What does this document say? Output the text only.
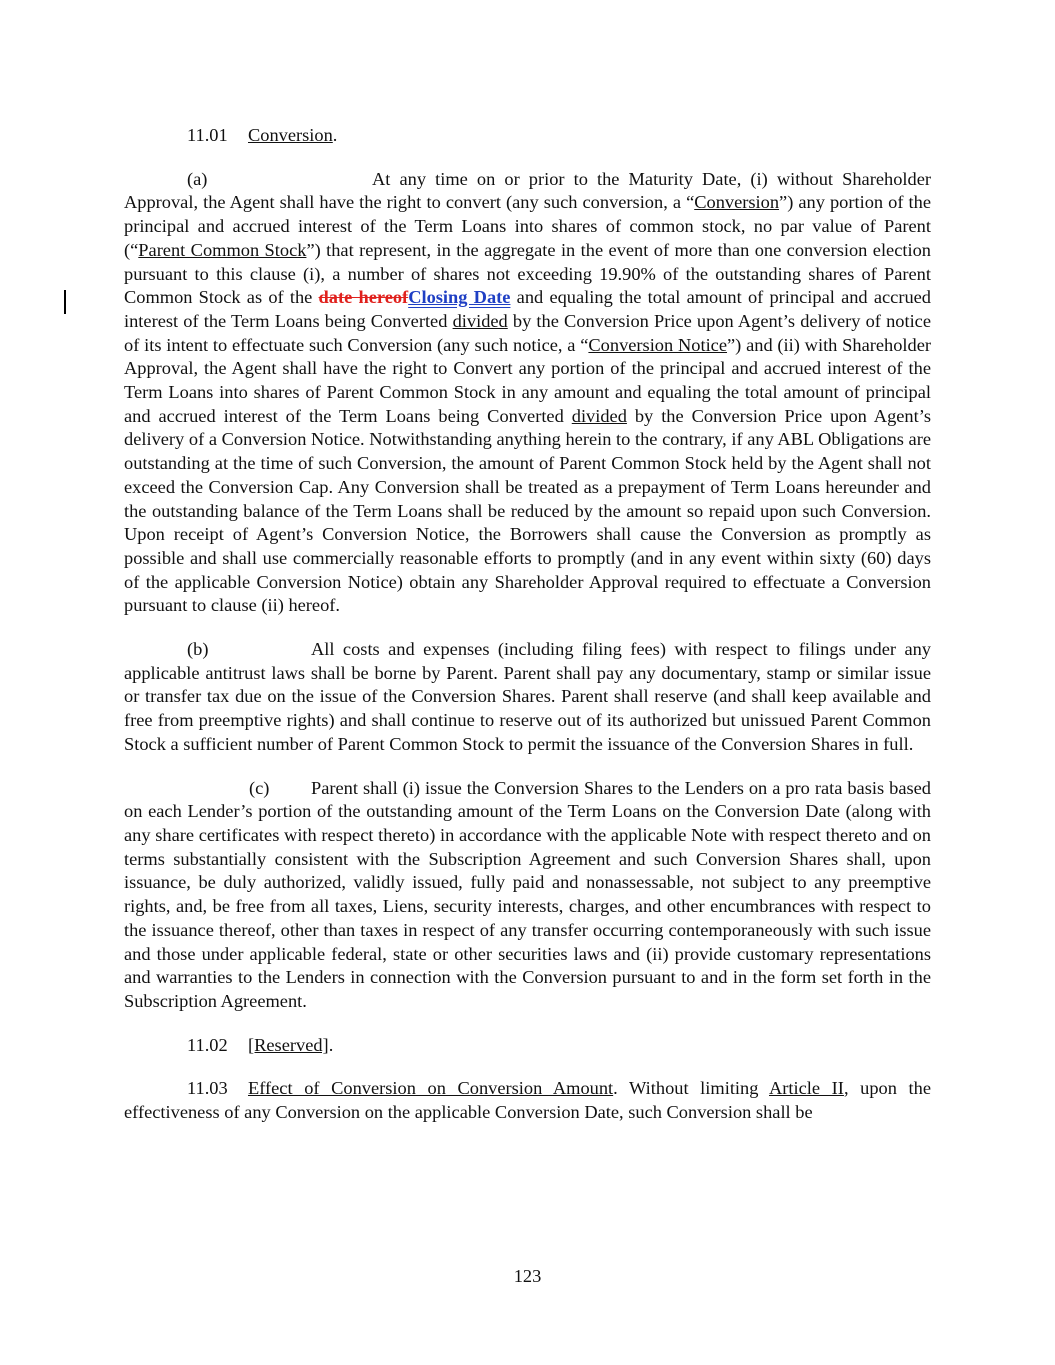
11.01 Conversion.

(a)	At any time on or prior to the Maturity Date, (i) without Shareholder Approval, the Agent shall have the right to convert (any such conversion, a “Conversion”) any portion of the principal and accrued interest of the Term Loans into shares of common stock, no par value of Parent (“Parent Common Stock”) that represent, in the aggregate in the event of more than one conversion election pursuant to this clause (i), a number of shares not exceeding 19.90% of the outstanding shares of Parent Common Stock as of the date hereofClosing Date and equaling the total amount of principal and accrued interest of the Term Loans being Converted divided by the Conversion Price upon Agent’s delivery of notice of its intent to effectuate such Conversion (any such notice, a “Conversion Notice”) and (ii) with Shareholder Approval, the Agent shall have the right to Convert any portion of the principal and accrued interest of the Term Loans into shares of Parent Common Stock in any amount and equaling the total amount of principal and accrued interest of the Term Loans being Converted divided by the Conversion Price upon Agent’s delivery of a Conversion Notice. Notwithstanding anything herein to the contrary, if any ABL Obligations are outstanding at the time of such Conversion, the amount of Parent Common Stock held by the Agent shall not exceed the Conversion Cap. Any Conversion shall be treated as a prepayment of Term Loans hereunder and the outstanding balance of the Term Loans shall be reduced by the amount so repaid upon such Conversion. Upon receipt of Agent’s Conversion Notice, the Borrowers shall cause the Conversion as promptly as possible and shall use commercially reasonable efforts to promptly (and in any event within sixty (60) days of the applicable Conversion Notice) obtain any Shareholder Approval required to effectuate a Conversion pursuant to clause (ii) hereof.

(b)	All costs and expenses (including filing fees) with respect to filings under any applicable antitrust laws shall be borne by Parent. Parent shall pay any documentary, stamp or similar issue or transfer tax due on the issue of the Conversion Shares. Parent shall reserve (and shall keep available and free from preemptive rights) and shall continue to reserve out of its authorized but unissued Parent Common Stock a sufficient number of Parent Common Stock to permit the issuance of the Conversion Shares in full.

(c) Parent shall (i) issue the Conversion Shares to the Lenders on a pro rata basis based on each Lender’s portion of the outstanding amount of the Term Loans on the Conversion Date (along with any share certificates with respect thereto) in accordance with the applicable Note with respect thereto and on terms substantially consistent with the Subscription Agreement and such Conversion Shares shall, upon issuance, be duly authorized, validly issued, fully paid and nonassessable, not subject to any preemptive rights, and, be free from all taxes, Liens, security interests, charges, and other encumbrances with respect to the issuance thereof, other than taxes in respect of any transfer occurring contemporaneously with such issue and those under applicable federal, state or other securities laws and (ii) provide customary representations and warranties to the Lenders in connection with the Conversion pursuant to and in the form set forth in the Subscription Agreement.

11.02 [Reserved].

11.03 Effect of Conversion on Conversion Amount. Without limiting Article II, upon the effectiveness of any Conversion on the applicable Conversion Date, such Conversion shall be

123
